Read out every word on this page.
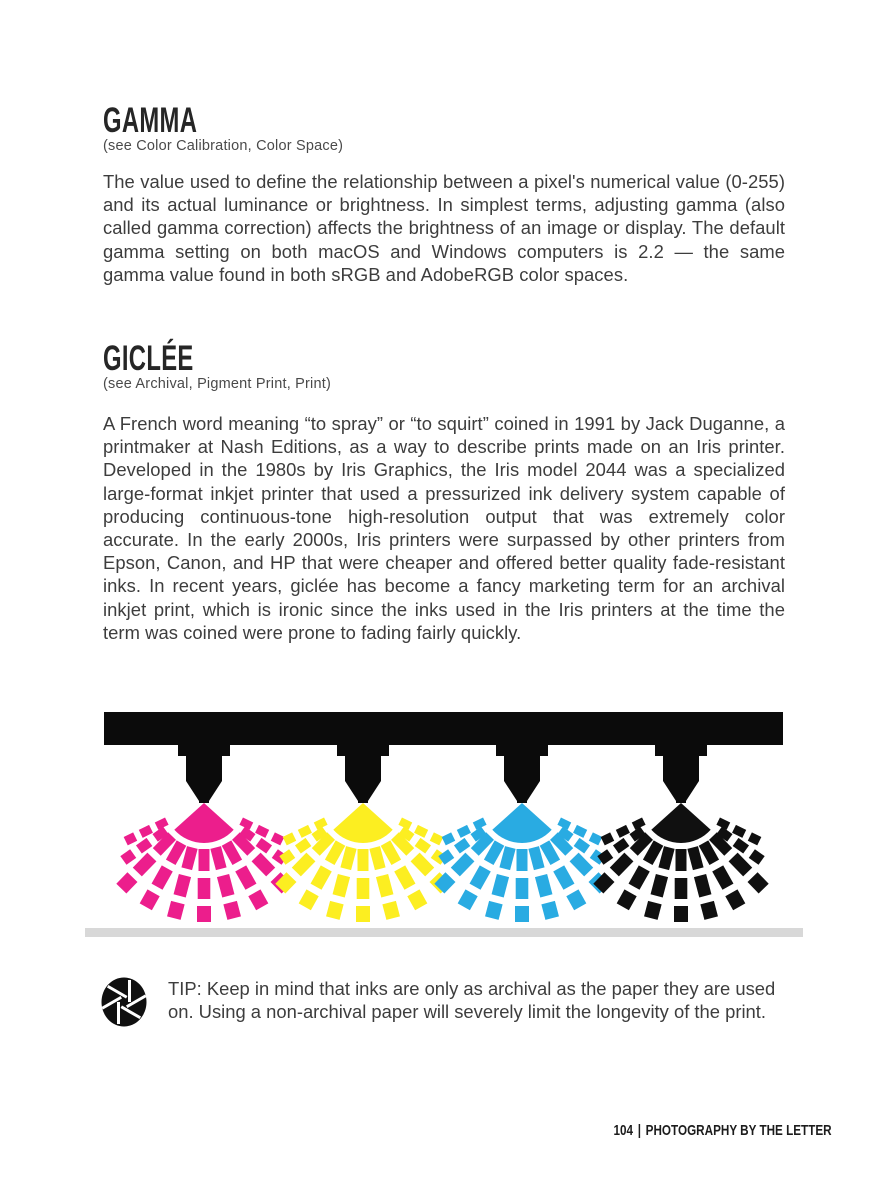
GAMMA

(see Color Calibration, Color Space)

The value used to define the relationship between a pixel's numerical value (0-255) and its actual luminance or brightness. In simplest terms, adjusting gamma (also called gamma correction) affects the brightness of an image or display. The default gamma setting on both macOS and Windows computers is 2.2 — the same gamma value found in both sRGB and AdobeRGB color spaces.

GICLÉE

(see Archival, Pigment Print, Print)

A French word meaning “to spray” or “to squirt” coined in 1991 by Jack Duganne, a printmaker at Nash Editions, as a way to describe prints made on an Iris printer. Developed in the 1980s by Iris Graphics, the Iris model 2044 was a specialized large-format inkjet printer that used a pressurized ink delivery system capable of producing continuous-tone high-resolution output that was extremely color accurate. In the early 2000s, Iris printers were surpassed by other printers from Epson, Canon, and HP that were cheaper and offered better quality fade-resistant inks. In recent years, giclée has become a fancy marketing term for an archival inkjet print, which is ironic since the inks used in the Iris printers at the time the term was coined were prone to fading fairly quickly.

TIP: Keep in mind that inks are only as archival as the paper they are used on. Using a non-archival paper will severely limit the longevity of the print.

104 | PHOTOGRAPHY BY THE LETTER
